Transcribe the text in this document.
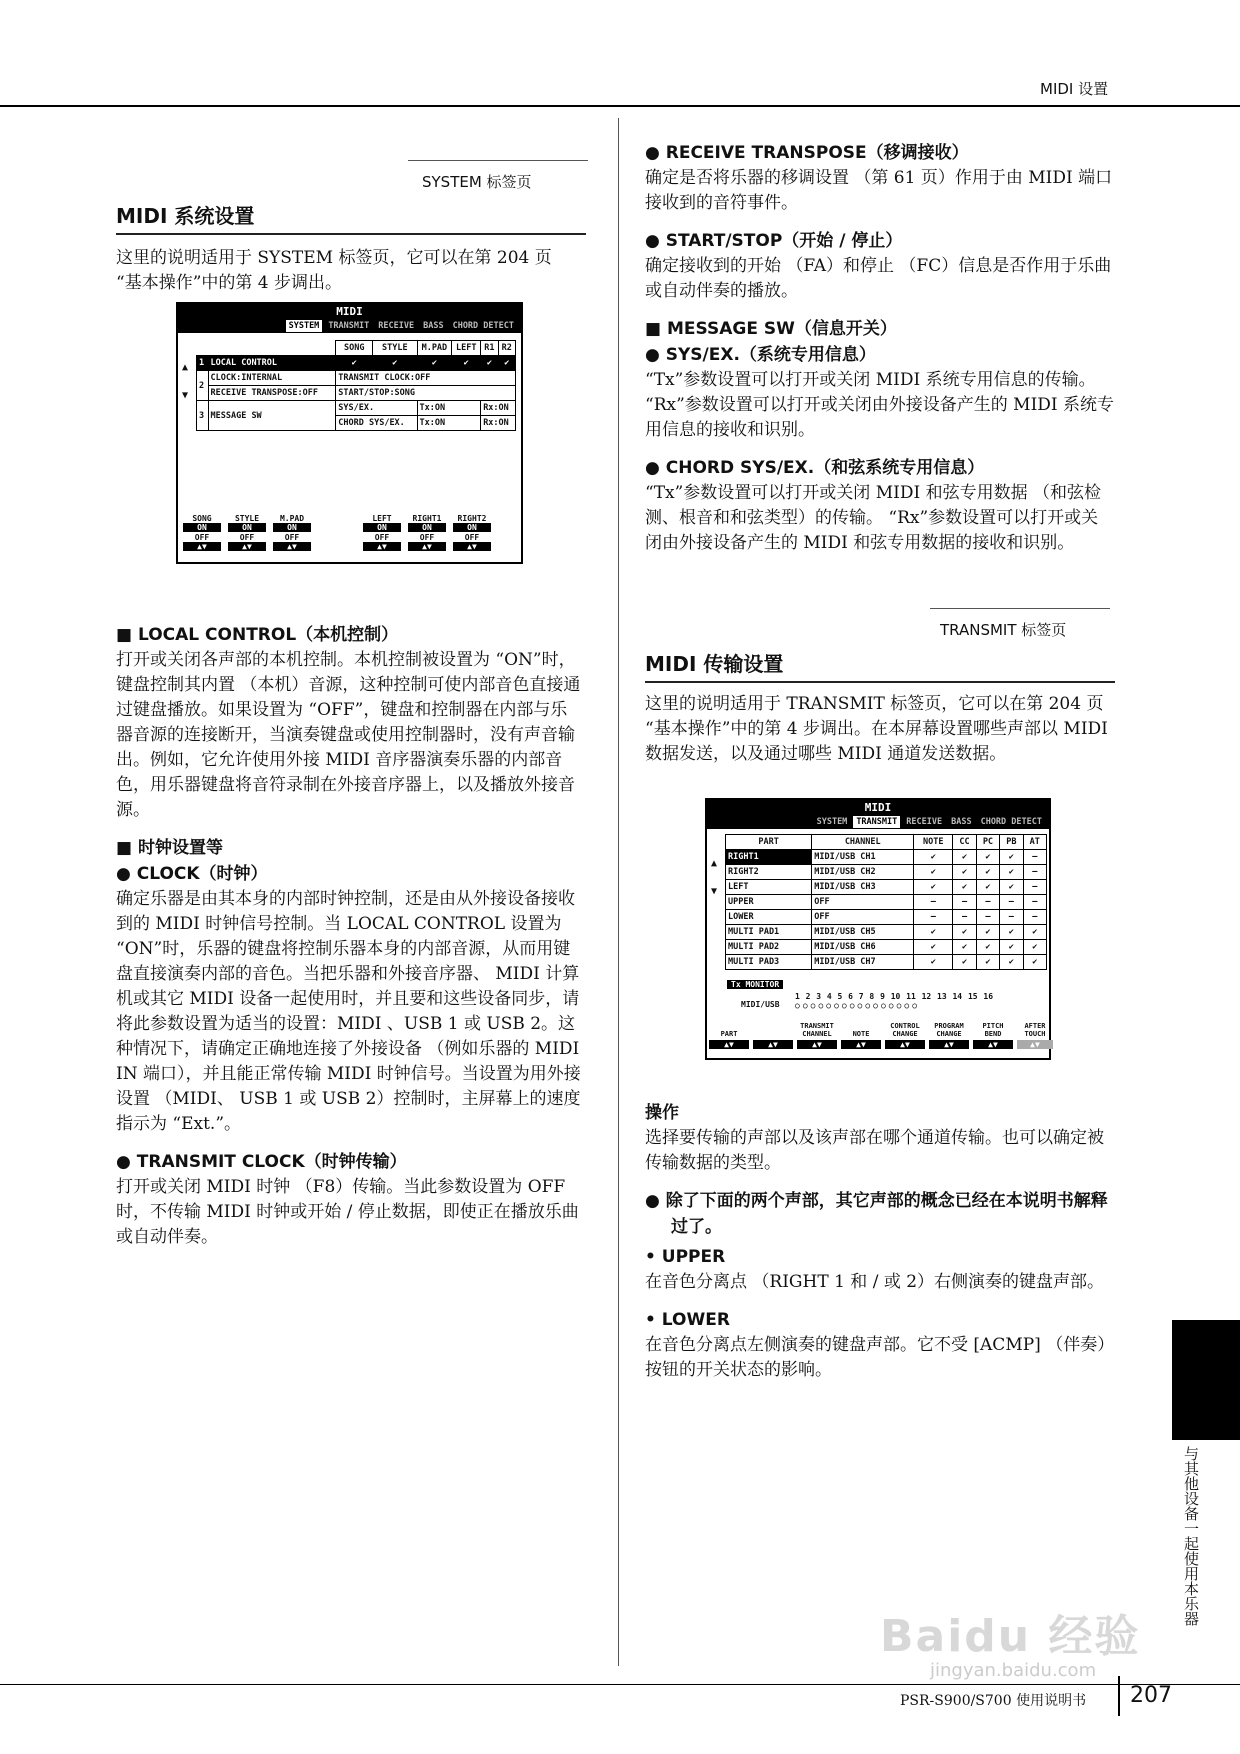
MIDI 设置
SYSTEM 标签页
MIDI 系统设置
这里的说明适用于 SYSTEM 标签页，它可以在第 204 页 “基本操作”中的第 4 步调出。
MIDI
SYSTEM	TRANSMIT	RECEIVE	BASS	CHORD DETECT
▲
▼
		SONG	STYLE	M.PAD	LEFT	R1	R2
1	LOCAL CONTROL	✔	✔	✔	✔	✔	✔
2	CLOCK:INTERNAL	TRANSMIT CLOCK:OFF					
	RECEIVE TRANSPOSE:OFF	START/STOP:SONG					
3	MESSAGE SW	SYS/EX.		Tx:ON		Rx:ON	
		CHORD SYS/EX.		Tx:ON		Rx:ON	
SONG
ON
OFF
▲▼
STYLE
ON
OFF
▲▼
M.PAD
ON
OFF
▲▼
LEFT
ON
OFF
▲▼
RIGHT1
ON
OFF
▲▼
RIGHT2
ON
OFF
▲▼
■ LOCAL CONTROL（本机控制）
打开或关闭各声部的本机控制。本机控制被设置为 “ON”时，键盘控制其内置 （本机）音源，这种控制可使内部音色直接通过键盘播放。如果设置为 “OFF”，键盘和控制器在内部与乐器音源的连接断开，当演奏键盘或使用控制器时，没有声音输出。例如，它允许使用外接 MIDI 音序器演奏乐器的内部音色，用乐器键盘将音符录制在外接音序器上，以及播放外接音源。
■ 时钟设置等
● CLOCK（时钟）
确定乐器是由其本身的内部时钟控制，还是由从外接设备接收到的 MIDI 时钟信号控制。当 LOCAL CONTROL 设置为 “ON”时，乐器的键盘将控制乐器本身的内部音源，从而用键盘直接演奏内部的音色。当把乐器和外接音序器、 MIDI 计算机或其它 MIDI 设备一起使用时，并且要和这些设备同步，请将此参数设置为适当的设置：MIDI 、USB 1 或 USB 2。这种情况下，请确定正确地连接了外接设备 （例如乐器的 MIDI IN 端口），并且能正常传输 MIDI 时钟信号。当设置为用外接设置 （MIDI、 USB 1 或 USB 2）控制时，主屏幕上的速度指示为 “Ext.”。
● TRANSMIT CLOCK（时钟传输）
打开或关闭 MIDI 时钟 （F8）传输。当此参数设置为 OFF 时，不传输 MIDI 时钟或开始 / 停止数据，即使正在播放乐曲或自动伴奏。
● RECEIVE TRANSPOSE（移调接收）
确定是否将乐器的移调设置 （第 61 页）作用于由 MIDI 端口接收到的音符事件。
● START/STOP（开始 / 停止）
确定接收到的开始 （FA）和停止 （FC）信息是否作用于乐曲或自动伴奏的播放。
■ MESSAGE SW（信息开关）
● SYS/EX.（系统专用信息）
“Tx”参数设置可以打开或关闭 MIDI 系统专用信息的传输。 “Rx”参数设置可以打开或关闭由外接设备产生的 MIDI 系统专用信息的接收和识别。
● CHORD SYS/EX.（和弦系统专用信息）
“Tx”参数设置可以打开或关闭 MIDI 和弦专用数据 （和弦检测、根音和和弦类型）的传输。 “Rx”参数设置可以打开或关闭由外接设备产生的 MIDI 和弦专用数据的接收和识别。
TRANSMIT 标签页
MIDI 传输设置
这里的说明适用于 TRANSMIT 标签页，它可以在第 204 页 “基本操作”中的第 4 步调出。在本屏幕设置哪些声部以 MIDI 数据发送，以及通过哪些 MIDI 通道发送数据。
MIDI
SYSTEM	TRANSMIT	RECEIVE	BASS	CHORD DETECT
▲
▼
PART	CHANNEL	NOTE	CC	PC	PB	AT
RIGHT1	MIDI/USB CH1	✔	✔	✔	✔	—
RIGHT2	MIDI/USB CH2	✔	✔	✔	✔	—
LEFT	MIDI/USB CH3	✔	✔	✔	✔	—
UPPER	OFF	—	—	—	—	—
LOWER	OFF	—	—	—	—	—
MULTI PAD1	MIDI/USB CH5	✔	✔	✔	✔	✔
MULTI PAD2	MIDI/USB CH6	✔	✔	✔	✔	✔
MULTI PAD3	MIDI/USB CH7	✔	✔	✔	✔	✔
Tx MONITOR
MIDI/USB
1 2 3 4 5 6 7 8 9 10 11 12 13 14 15 16
○○○○○○○○○○○○○○○○
PART
▲▼	▲▼
TRANSMIT CHANNEL
▲▼
NOTE
▲▼
CONTROL CHANGE
▲▼
PROGRAM CHANGE
▲▼
PITCH BEND
▲▼
AFTER TOUCH
▲▼
操作
选择要传输的声部以及该声部在哪个通道传输。也可以确定被传输数据的类型。
● 除了下面的两个声部，其它声部的概念已经在本说明书解释过了。
• UPPER
在音色分离点 （RIGHT 1 和 / 或 2）右侧演奏的键盘声部。
• LOWER
在音色分离点左侧演奏的键盘声部。它不受 [ACMP] （伴奏）按钮的开关状态的影响。
与其他设备一起使用本乐器
Baidu 经验
jingyan.baidu.com
PSR-S900/S700 使用说明书	207
